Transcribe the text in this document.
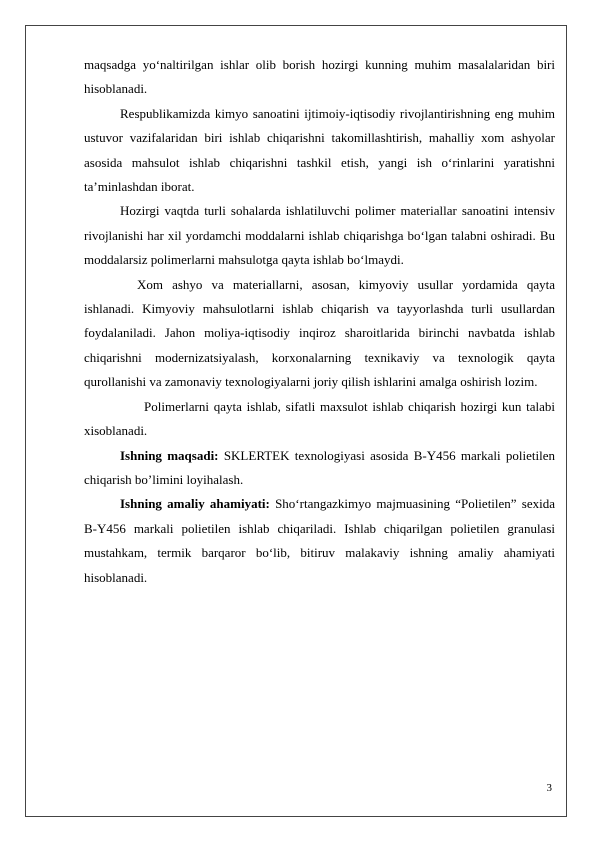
maqsadga yo‘naltirilgan ishlar olib borish hozirgi kunning muhim masalalaridan biri hisoblanadi.

Respublikamizda kimyo sanoatini ijtimoiy-iqtisodiy rivojlantirishning eng muhim ustuvor vazifalaridan biri ishlab chiqarishni takomillashtirish, mahalliy xom ashyolar asosida mahsulot ishlab chiqarishni tashkil etish, yangi ish o‘rinlarini yaratishni ta’minlashdan iborat.

Hozirgi vaqtda turli sohalarda ishlatiluvchi polimer materiallar sanoatini intensiv rivojlanishi har xil yordamchi moddalarni ishlab chiqarishga bo‘lgan talabni oshiradi. Bu moddalarsiz polimerlarni mahsulotga qayta ishlab bo‘lmaydi.

Xom ashyo va materiallarni, asosan, kimyoviy usullar yordamida qayta ishlanadi. Kimyoviy mahsulotlarni ishlab chiqarish va tayyorlashda turli usullardan foydalaniladi. Jahon moliya-iqtisodiy inqiroz sharoitlarida birinchi navbatda ishlab chiqarishni modernizatsiyalash, korxonalarning texnikaviy va texnologik qayta qurollanishi va zamonaviy texnologiyalarni joriy qilish ishlarini amalga oshirish lozim.

Polimerlarni qayta ishlab, sifatli maxsulot ishlab chiqarish hozirgi kun talabi xisoblanadi.

Ishning maqsadi: SKLERTEK texnologiyasi asosida B-Y456 markali polietilen chiqarish bo’limini loyihalash.

Ishning amaliy ahamiyati: Sho‘rtangazkimyo majmuasining “Polietilen” sexida B-Y456 markali polietilen ishlab chiqariladi. Ishlab chiqarilgan polietilen granulasi mustahkam, termik barqaror bo‘lib, bitiruv malakaviy ishning amaliy ahamiyati hisoblanadi.

3
